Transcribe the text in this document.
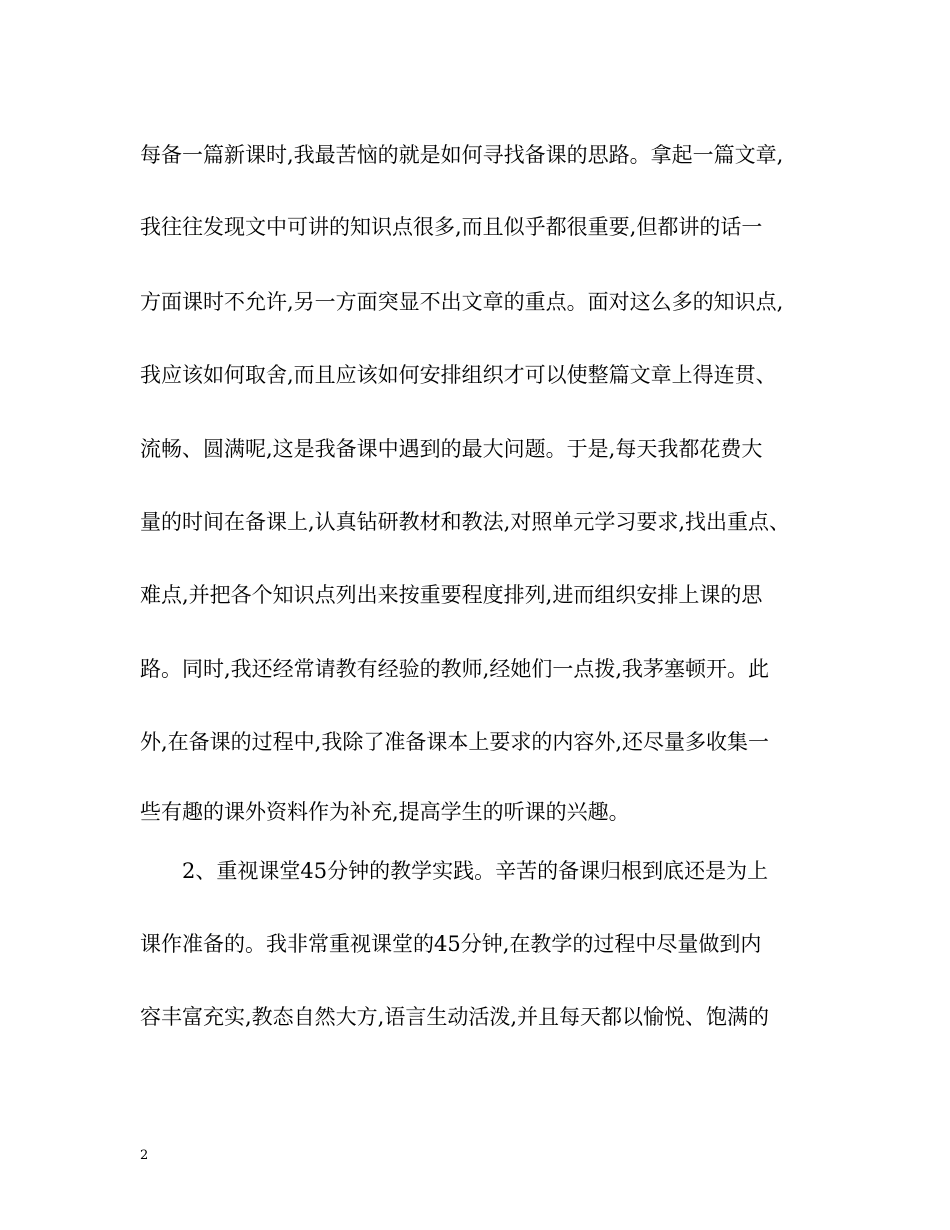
每备一篇新课时,我最苦恼的就是如何寻找备课的思路。拿起一篇文章,
我往往发现文中可讲的知识点很多,而且似乎都很重要,但都讲的话一
方面课时不允许,另一方面突显不出文章的重点。面对这么多的知识点,
我应该如何取舍,而且应该如何安排组织才可以使整篇文章上得连贯、
流畅、圆满呢,这是我备课中遇到的最大问题。于是,每天我都花费大
量的时间在备课上,认真钻研教材和教法,对照单元学习要求,找出重点、
难点,并把各个知识点列出来按重要程度排列,进而组织安排上课的思
路。同时,我还经常请教有经验的教师,经她们一点拨,我茅塞顿开。此
外,在备课的过程中,我除了准备课本上要求的内容外,还尽量多收集一
些有趣的课外资料作为补充,提高学生的听课的兴趣。
2、重视课堂45分钟的教学实践。辛苦的备课归根到底还是为上
课作准备的。我非常重视课堂的45分钟,在教学的过程中尽量做到内
容丰富充实,教态自然大方,语言生动活泼,并且每天都以愉悦、饱满的
2
